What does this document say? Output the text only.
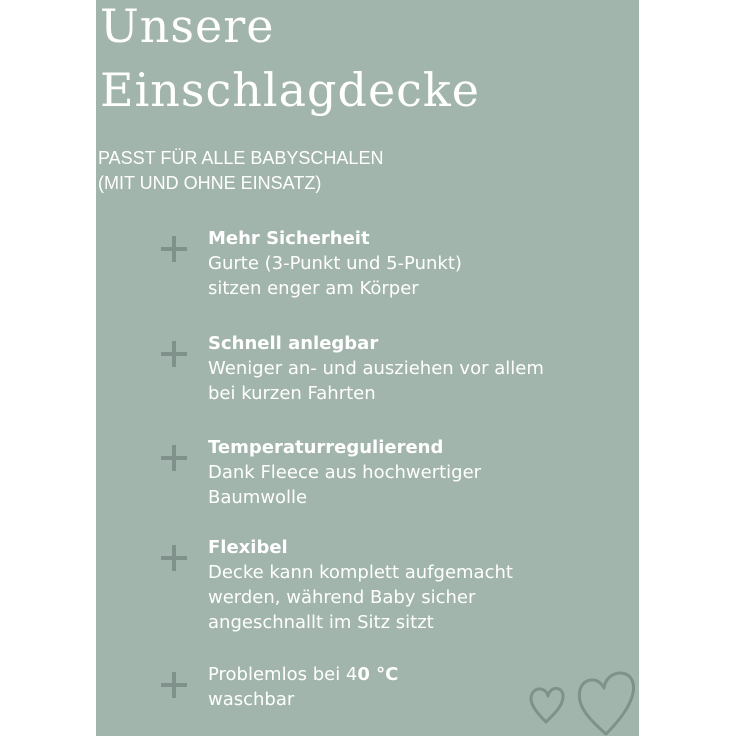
Unsere
Einschlagdecke

PASST FÜR ALLE BABYSCHALEN
(MIT UND OHNE EINSATZ)

Mehr Sicherheit
Gurte (3-Punkt und 5-Punkt)
sitzen enger am Körper
Schnell anlegbar
Weniger an- und ausziehen vor allem
bei kurzen Fahrten
Temperaturregulierend
Dank Fleece aus hochwertiger
Baumwolle
Flexibel
Decke kann komplett aufgemacht
werden, während Baby sicher
angeschnallt im Sitz sitzt
Problemlos bei 40 °C
waschbar
